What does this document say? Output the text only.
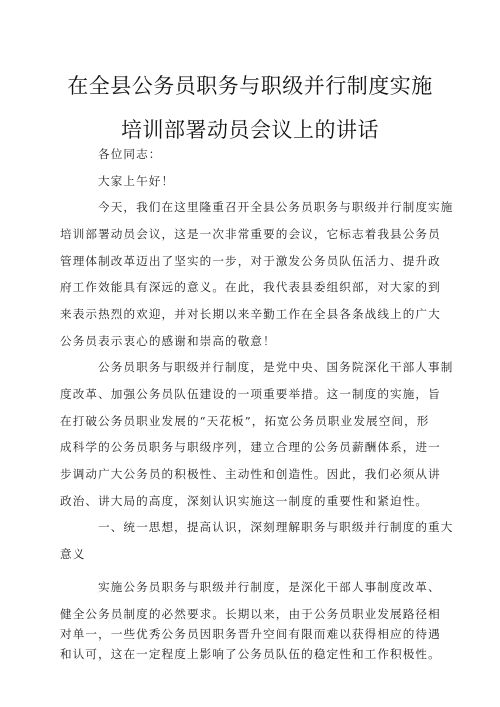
在全县公务员职务与职级并行制度实施
培训部署动员会议上的讲话
各位同志：
大家上午好！
今天，我们在这里隆重召开全县公务员职务与职级并行制度实施
培训部署动员会议，这是一次非常重要的会议，它标志着我县公务员
管理体制改革迈出了坚实的一步，对于激发公务员队伍活力、提升政
府工作效能具有深远的意义。在此，我代表县委组织部，对大家的到
来表示热烈的欢迎，并对长期以来辛勤工作在全县各条战线上的广大
公务员表示衷心的感谢和崇高的敬意！
公务员职务与职级并行制度，是党中央、国务院深化干部人事制
度改革、加强公务员队伍建设的一项重要举措。这一制度的实施，旨
在打破公务员职业发展的“天花板”，拓宽公务员职业发展空间，形
成科学的公务员职务与职级序列，建立合理的公务员薪酬体系，进一
步调动广大公务员的积极性、主动性和创造性。因此，我们必须从讲
政治、讲大局的高度，深刻认识实施这一制度的重要性和紧迫性。
一、统一思想，提高认识，深刻理解职务与职级并行制度的重大
意义
实施公务员职务与职级并行制度，是深化干部人事制度改革、
健全公务员制度的必然要求。长期以来，由于公务员职业发展路径相
对单一，一些优秀公务员因职务晋升空间有限而难以获得相应的待遇
和认可，这在一定程度上影响了公务员队伍的稳定性和工作积极性。
